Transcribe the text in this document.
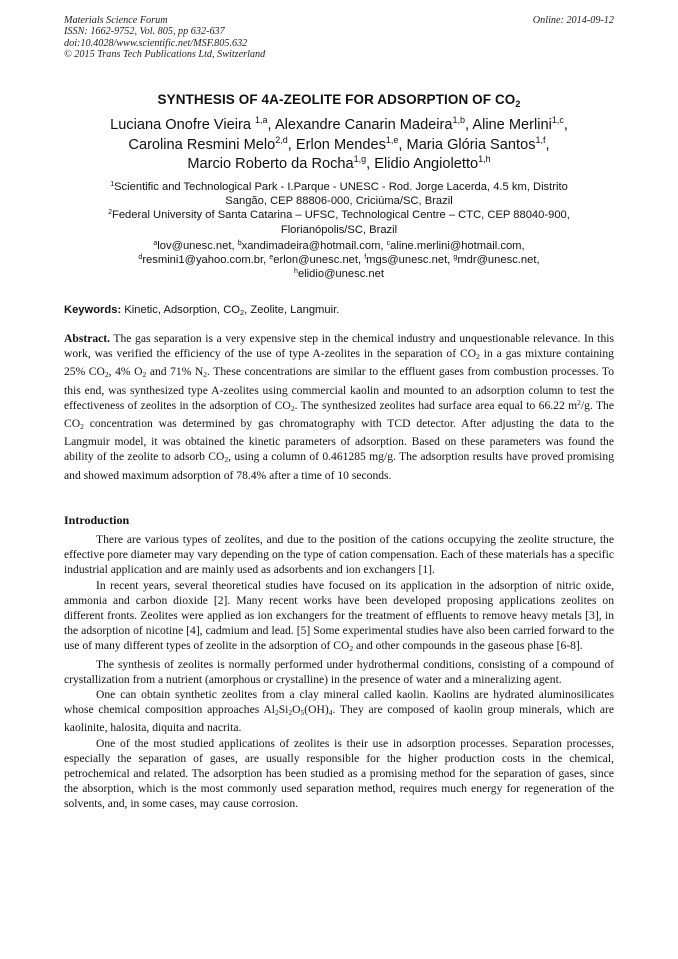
Materials Science Forum
ISSN: 1662-9752, Vol. 805, pp 632-637
doi:10.4028/www.scientific.net/MSF.805.632
© 2015 Trans Tech Publications Ltd, Switzerland
Online: 2014-09-12
SYNTHESIS OF 4A-ZEOLITE FOR ADSORPTION OF $CO_2$
Luciana Onofre Vieira $^{1,a}$, Alexandre Canarin Madeira$^{1,b}$, Aline Merlini$^{1,c}$,
Carolina Resmini Melo$^{2,d}$, Erlon Mendes$^{1,e}$, Maria Glória Santos$^{1,f}$,
Marcio Roberto da Rocha$^{1,g}$, Elidio Angioletto$^{1,h}$
$^1$Scientific and Technological Park - I.Parque - UNESC - Rod. Jorge Lacerda, 4.5 km, Distrito
Sangão, CEP 88806-000, Criciúma/SC, Brazil
$^2$Federal University of Santa Catarina – UFSC, Technological Centre – CTC, CEP 88040-900,
Florianópolis/SC, Brazil
$^a$lov@unesc.net, $^b$xandimadeira@hotmail.com, $^c$aline.merlini@hotmail.com,
$^d$resmini1@yahoo.com.br, $^e$erlon@unesc.net, $^f$mgs@unesc.net, $^g$mdr@unesc.net,
$^h$elidio@unesc.net
Keywords: Kinetic, Adsorption, $CO_2$, Zeolite, Langmuir.
Abstract. The gas separation is a very expensive step in the chemical industry and unquestionable relevance. In this work, was verified the efficiency of the use of type A-zeolites in the separation of $CO_2$ in a gas mixture containing 25% $CO_2$, 4% $O_2$ and 71% $N_2$. These concentrations are similar to the effluent gases from combustion processes. To this end, was synthesized type A-zeolites using commercial kaolin and mounted to an adsorption column to test the effectiveness of zeolites in the adsorption of $CO_2$. The synthesized zeolites had surface area equal to 66.22 $m^2/g$. The $CO_2$ concentration was determined by gas chromatography with TCD detector. After adjusting the data to the Langmuir model, it was obtained the kinetic parameters of adsorption. Based on these parameters was found the ability of the zeolite to adsorb $CO_2$, using a column of 0.461285 mg/g. The adsorption results have proved promising and showed maximum adsorption of 78.4% after a time of 10 seconds.
Introduction

There are various types of zeolites, and due to the position of the cations occupying the zeolite structure, the effective pore diameter may vary depending on the type of cation compensation. Each of these materials has a specific industrial application and are mainly used as adsorbents and ion exchangers [1].

In recent years, several theoretical studies have focused on its application in the adsorption of nitric oxide, ammonia and carbon dioxide [2]. Many recent works have been developed proposing applications zeolites on different fronts. Zeolites were applied as ion exchangers for the treatment of effluents to remove heavy metals [3], in the adsorption of nicotine [4], cadmium and lead. [5] Some experimental studies have also been carried forward to the use of many different types of zeolite in the adsorption of $CO_2$ and other compounds in the gaseous phase [6-8].

The synthesis of zeolites is normally performed under hydrothermal conditions, consisting of a compound of crystallization from a nutrient (amorphous or crystalline) in the presence of water and a mineralizing agent.

One can obtain synthetic zeolites from a clay mineral called kaolin. Kaolins are hydrated aluminosilicates whose chemical composition approaches $Al_2Si_2O_5(OH)_4$. They are composed of kaolin group minerals, which are kaolinite, halosita, diquita and nacrita.

One of the most studied applications of zeolites is their use in adsorption processes. Separation processes, especially the separation of gases, are usually responsible for the higher production costs in the chemical, petrochemical and related. The adsorption has been studied as a promising method for the separation of gases, since the absorption, which is the most commonly used separation method, requires much energy for regeneration of the solvents, and, in some cases, may cause corrosion.
